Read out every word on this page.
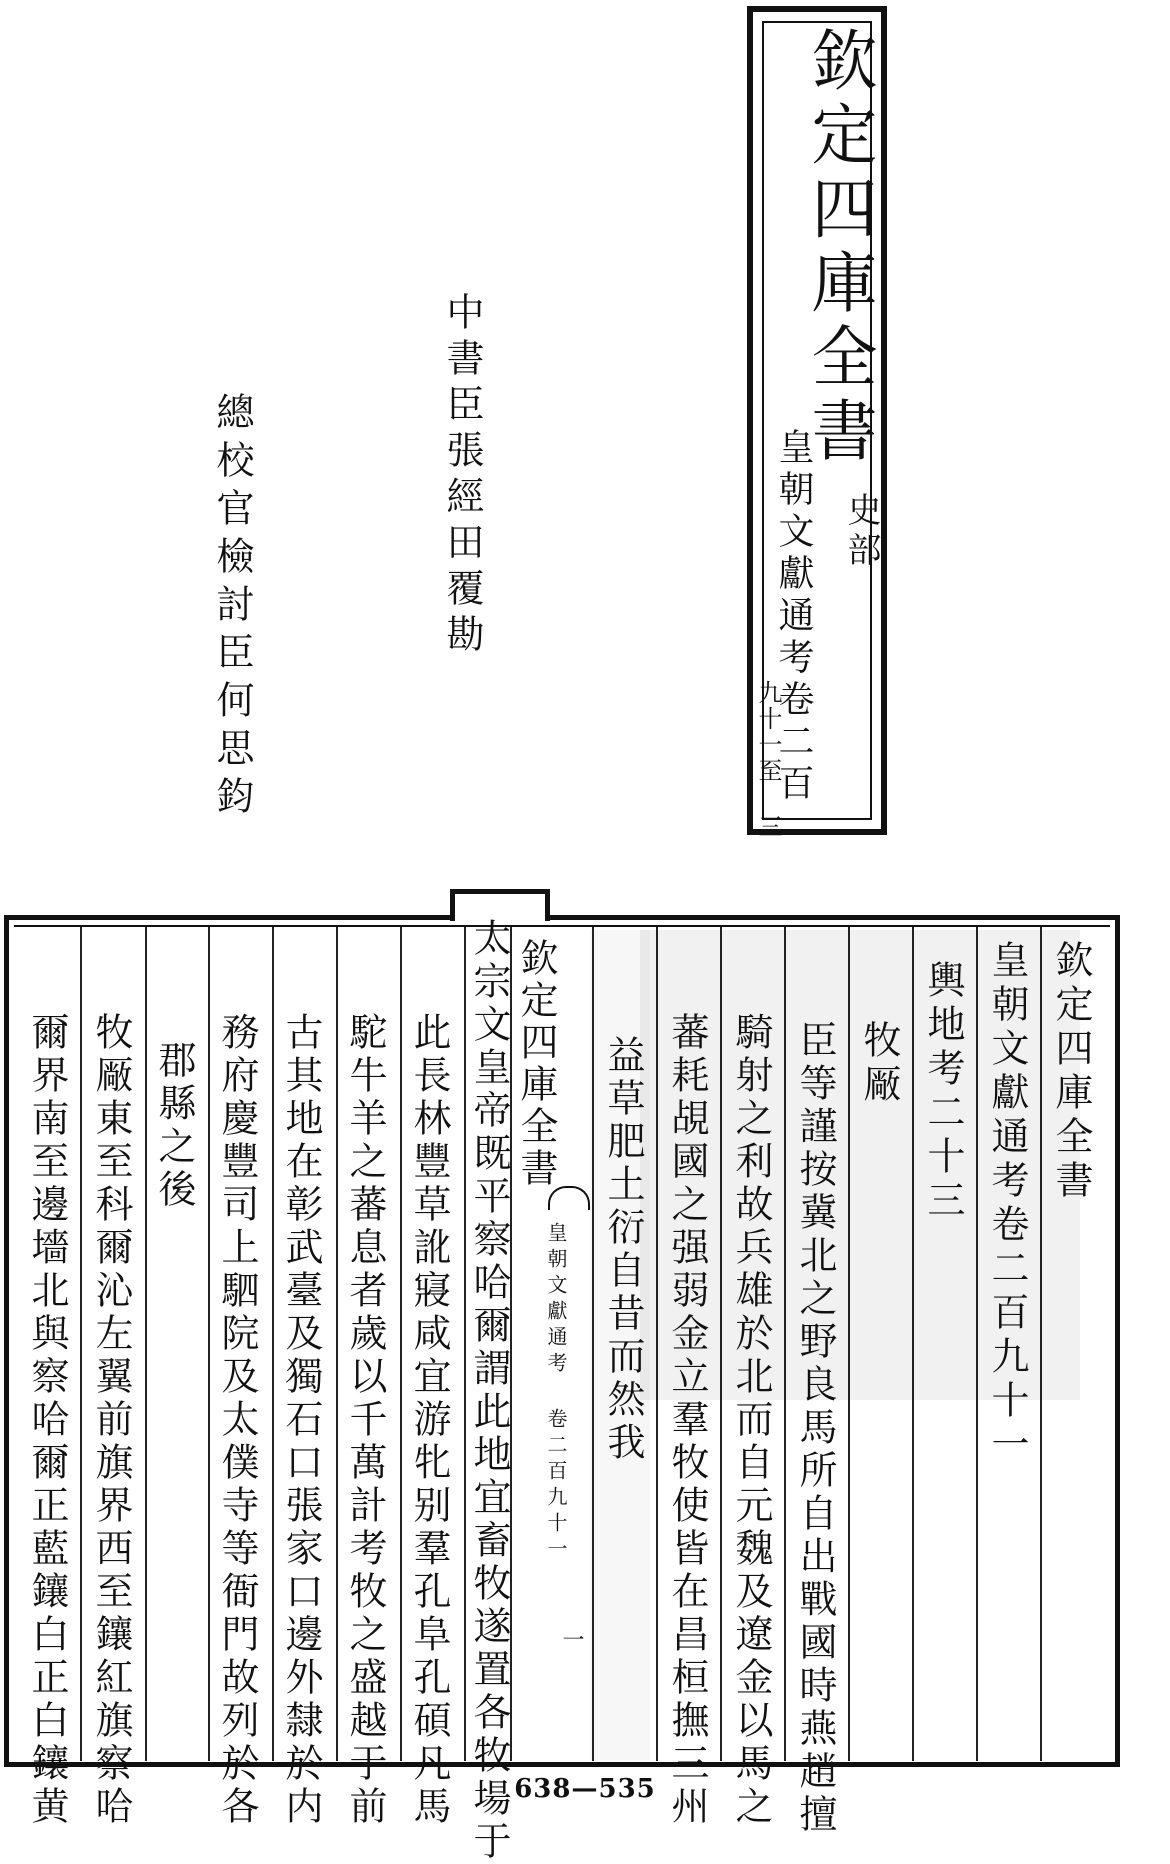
欽定四庫全書
皇朝文獻通考卷二百
九十一至 三
史部
中書臣張經田覆勘
總校官檢討臣何思鈞
欽定四庫全書
皇朝文獻通考卷二百九十一
輿地考二十三
牧厰
臣等謹按冀北之野良馬所自出戰國時燕趙擅
騎射之利故兵雄於北而自元魏及遼金以馬之
蕃耗覘國之强弱金立羣牧使皆在昌桓撫三州
益草肥土衍自昔而然我
欽定四庫全書
皇朝文獻通考 卷二百九十一
一
太宗文皇帝既平察哈爾謂此地宜畜牧遂置各牧場于
此長林豐草訛寢咸宜游牝别羣孔阜孔碩凡馬
駝牛羊之蕃息者歲以千萬計考牧之盛越于前
古其地在彰武臺及獨石口張家口邊外隸於内
務府慶豐司上駟院及太僕寺等衙門故列於各
郡縣之後
牧厰東至科爾沁左翼前旗界西至鑲紅旗察哈
爾界南至邊墻北與察哈爾正藍鑲白正白鑲黄	638—535
